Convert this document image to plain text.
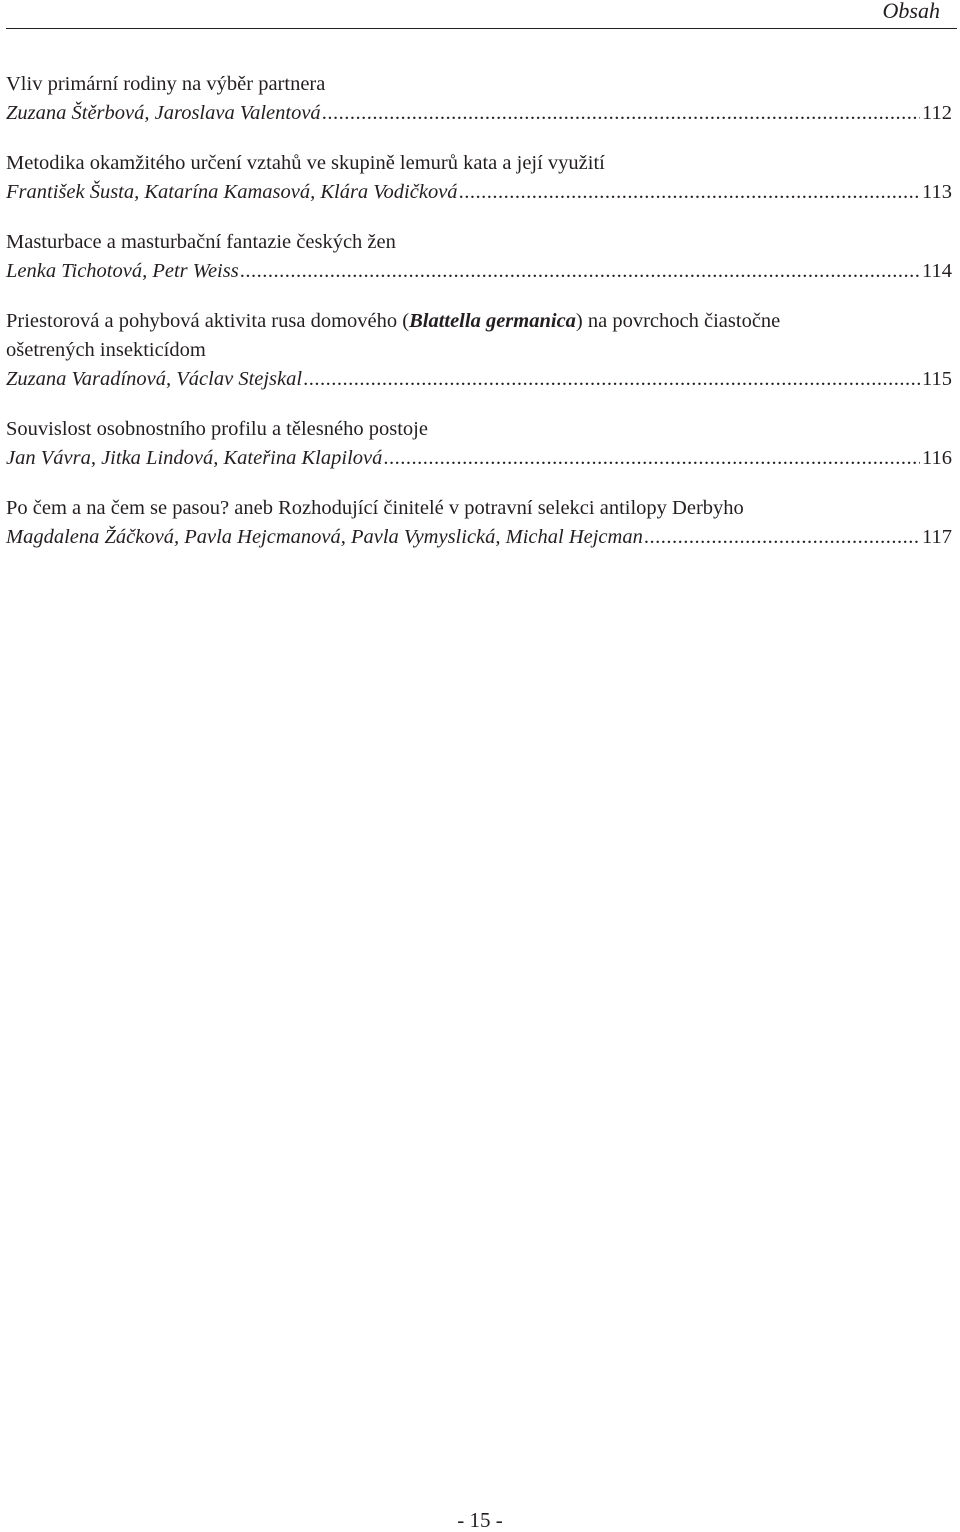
Obsah
Vliv primární rodiny na výběr partnera
Zuzana Štěrbová, Jaroslava Valentová .....	112
Metodika okamžitého určení vztahů ve skupině lemurů kata a její využití
František Šusta, Katarína Kamasová, Klára Vodičková .....	113
Masturbace a masturbační fantazie českých žen
Lenka Tichotová, Petr Weiss .....	114
Priestorová a pohybová aktivita rusa domového (Blattella germanica) na povrchoch čiastočne
ošetrených insekticídom
Zuzana Varadínová, Václav Stejskal .....	115
Souvislost osobnostního profilu a tělesného postoje
Jan Vávra, Jitka Lindová, Kateřina Klapilová .....	116
Po čem a na čem se pasou? aneb Rozhodující činitelé v potravní selekci antilopy Derbyho
Magdalena Žáčková, Pavla Hejcmanová, Pavla Vymyslická, Michal Hejcman .....	117
- 15 -
